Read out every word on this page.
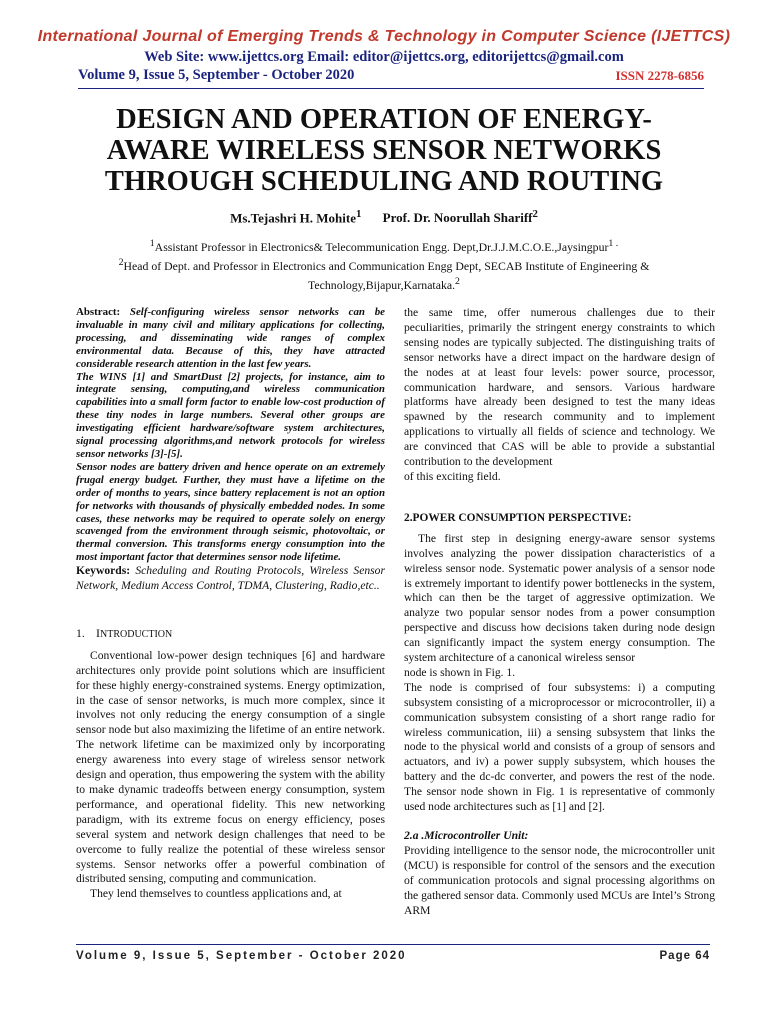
International Journal of Emerging Trends & Technology in Computer Science (IJETTCS)
Web Site: www.ijettcs.org Email: editor@ijettcs.org, editorijettcs@gmail.com
Volume 9, Issue 5, September - October 2020	ISSN 2278-6856
DESIGN AND OPERATION OF ENERGY-
AWARE WIRELESS SENSOR NETWORKS
THROUGH SCHEDULING AND ROUTING
Ms.Tejashri H. Mohite$^1$ Prof. Dr. Noorullah Shariff$^2$
$^1$Assistant Professor in Electronics& Telecommunication Engg. Dept,Dr.J.J.M.C.O.E.,Jaysingpur$^{1 .}$
$^2$Head of Dept. and Professor in Electronics and Communication Engg Dept, SECAB Institute of Engineering & Technology,Bijapur,Karnataka.$^2$

Abstract: Self-configuring wireless sensor networks can be invaluable in many civil and military applications for collecting, processing, and disseminating wide ranges of complex environmental data. Because of this, they have attracted considerable research attention in the last few years.

The WINS [1] and SmartDust [2] projects, for instance, aim to integrate sensing, computing,and wireless communication capabilities into a small form factor to enable low-cost production of these tiny nodes in large numbers. Several other groups are investigating efficient hardware/software system architectures, signal processing algorithms,and network protocols for wireless sensor networks [3]-[5].

Sensor nodes are battery driven and hence operate on an extremely frugal energy budget. Further, they must have a lifetime on the order of months to years, since battery replacement is not an option for networks with thousands of physically embedded nodes. In some cases, these networks may be required to operate solely on energy scavenged from the environment through seismic, photovoltaic, or thermal conversion. This transforms energy consumption into the most important factor that determines sensor node lifetime.

Keywords: Scheduling and Routing Protocols, Wireless Sensor Network, Medium Access Control, TDMA, Clustering, Radio,etc..

1. INTRODUCTION

Conventional low-power design techniques [6] and hardware architectures only provide point solutions which are insufficient for these highly energy-constrained systems. Energy optimization, in the case of sensor networks, is much more complex, since it involves not only reducing the energy consumption of a single sensor node but also maximizing the lifetime of an entire network. The network lifetime can be maximized only by incorporating energy awareness into every stage of wireless sensor network design and operation, thus empowering the system with the ability to make dynamic tradeoffs between energy consumption, system performance, and operational fidelity. This new networking paradigm, with its extreme focus on energy efficiency, poses several system and network design challenges that need to be overcome to fully realize the potential of these wireless sensor systems. Sensor networks offer a powerful combination of distributed sensing, computing and communication.

They lend themselves to countless applications and, at

the same time, offer numerous challenges due to their peculiarities, primarily the stringent energy constraints to which sensing nodes are typically subjected. The distinguishing traits of sensor networks have a direct impact on the hardware design of the nodes at at least four levels: power source, processor, communication hardware, and sensors. Various hardware platforms have already been designed to test the many ideas spawned by the research community and to implement applications to virtually all fields of science and technology. We are convinced that CAS will be able to provide a substantial contribution to the development

of this exciting field.

2.POWER CONSUMPTION PERSPECTIVE:

The first step in designing energy-aware sensor systems involves analyzing the power dissipation characteristics of a wireless sensor node. Systematic power analysis of a sensor node is extremely important to identify power bottlenecks in the system, which can then be the target of aggressive optimization. We analyze two popular sensor nodes from a power consumption perspective and discuss how decisions taken during node design can significantly impact the system energy consumption. The system architecture of a canonical wireless sensor

node is shown in Fig. 1.

The node is comprised of four subsystems: i) a computing subsystem consisting of a microprocessor or microcontroller, ii) a communication subsystem consisting of a short range radio for wireless communication, iii) a sensing subsystem that links the node to the physical world and consists of a group of sensors and actuators, and iv) a power supply subsystem, which houses the battery and the dc-dc converter, and powers the rest of the node. The sensor node shown in Fig. 1 is representative of commonly used node architectures such as [1] and [2].

2.a .Microcontroller Unit:

Providing intelligence to the sensor node, the microcontroller unit (MCU) is responsible for control of the sensors and the execution of communication protocols and signal processing algorithms on the gathered sensor data. Commonly used MCUs are Intel’s Strong ARM

Volume 9, Issue 5, September - October 2020	Page 64
